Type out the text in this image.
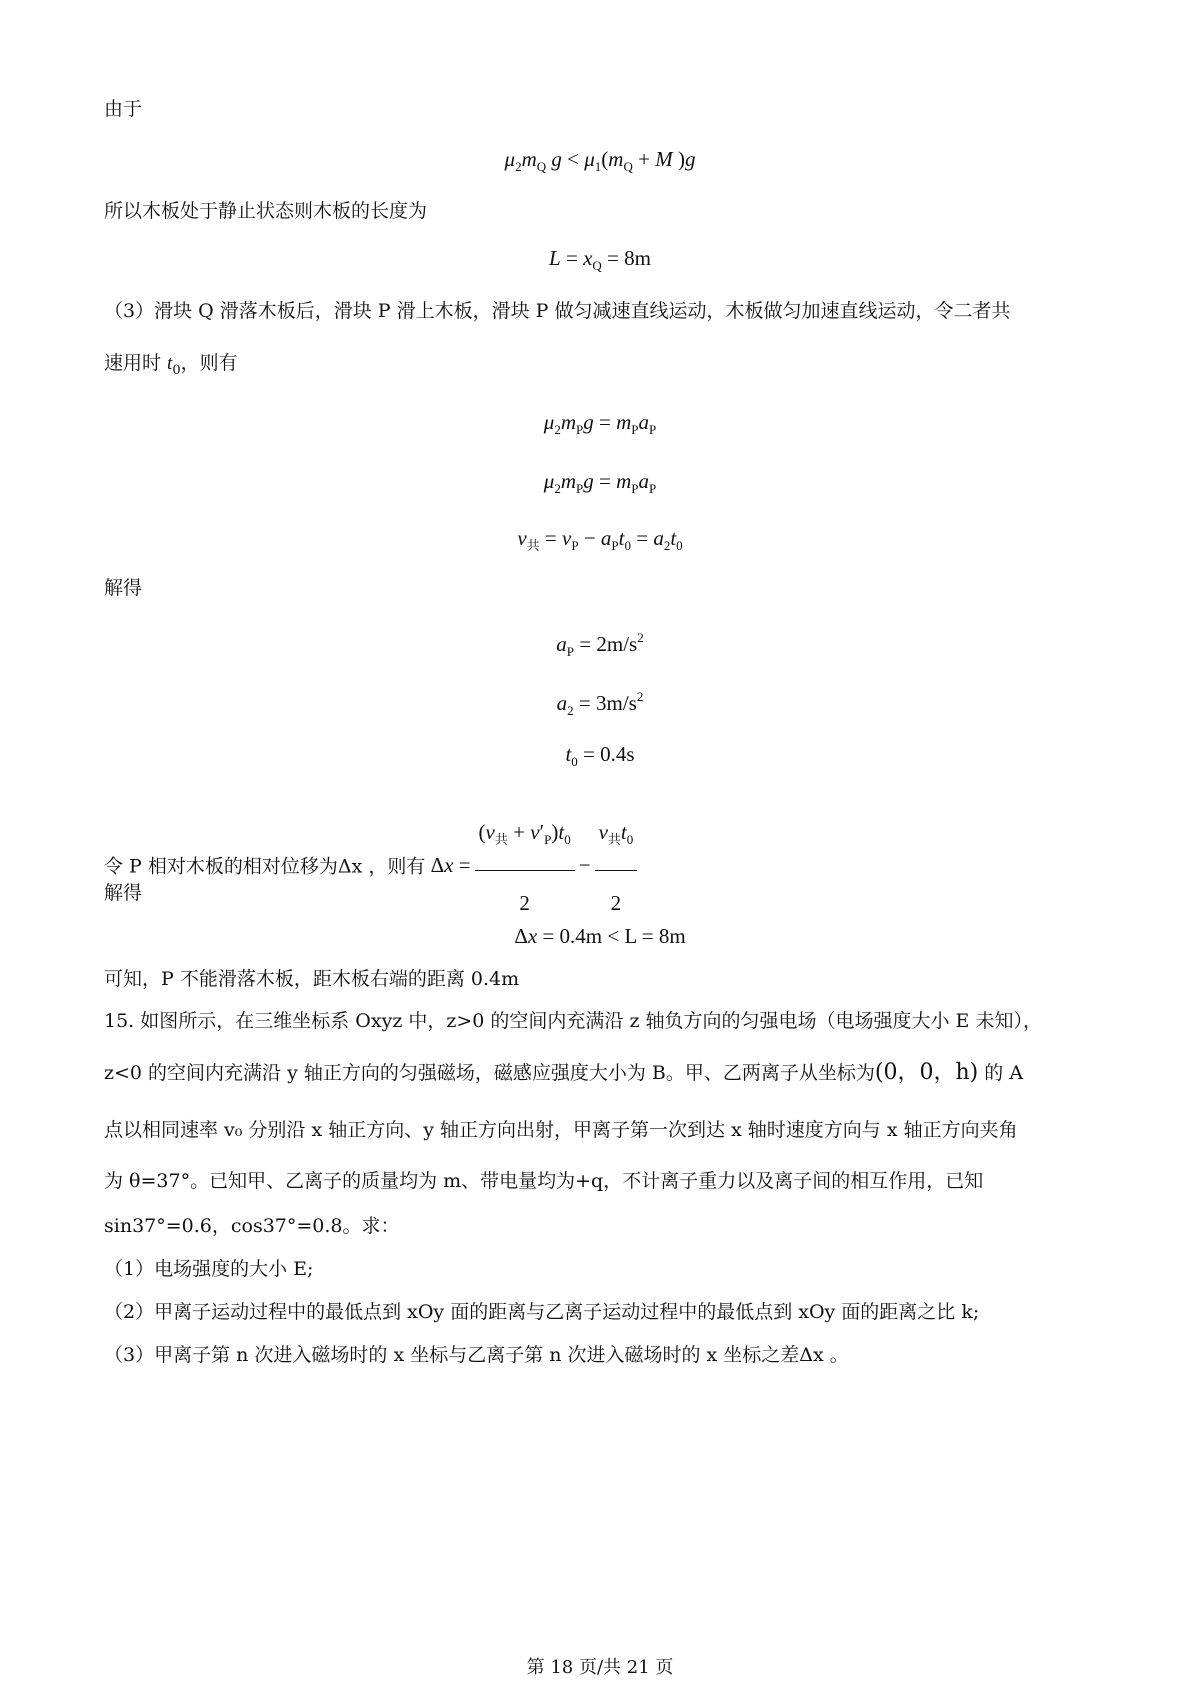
由于
$\mu_2m_Q$ $g < \mu_1(m_Q + M$ )g
所以木板处于静止状态则木板的长度为
$L = x_Q = 8m$
（3）滑块 Q 滑落木板后，滑块 P 滑上木板，滑块 P 做匀减速直线运动，木板做匀加速直线运动，令二者共
速用时 $t_0$，则有
$\mu_2m_Pg = m_Pa_P$
$\mu_2m_Pg = m_Pa_P$
$v_共 = v_P - a_Pt_0 = a_2t_0$
解得
$a_P = 2m/s^2$
$a_2 = 3m/s^2$
$t_0 = 0.4s$
令 P 相对木板的相对位移为Δx ，则有 $\Delta x = \frac{(v_共 + v'_P)t_0}{2} - \frac{v_共t_0}{2}$
解得
Δx = 0.4m < L = 8m
可知，P 不能滑落木板，距木板右端的距离 0.4m
15. 如图所示，在三维坐标系 Oxyz 中，z>0 的空间内充满沿 z 轴负方向的匀强电场（电场强度大小 E 未知），
z<0 的空间内充满沿 y 轴正方向的匀强磁场，磁感应强度大小为 B。甲、乙两离子从坐标为(0，0，h) 的 A
点以相同速率 v₀ 分别沿 x 轴正方向、y 轴正方向出射，甲离子第一次到达 x 轴时速度方向与 x 轴正方向夹角
为 θ=37°。已知甲、乙离子的质量均为 m、带电量均为+q，不计离子重力以及离子间的相互作用，已知
sin37°=0.6，cos37°=0.8。求：
（1）电场强度的大小 E;
（2）甲离子运动过程中的最低点到 xOy 面的距离与乙离子运动过程中的最低点到 xOy 面的距离之比 k;
（3）甲离子第 n 次进入磁场时的 x 坐标与乙离子第 n 次进入磁场时的 x 坐标之差Δx 。
第 18 页/共 21 页
